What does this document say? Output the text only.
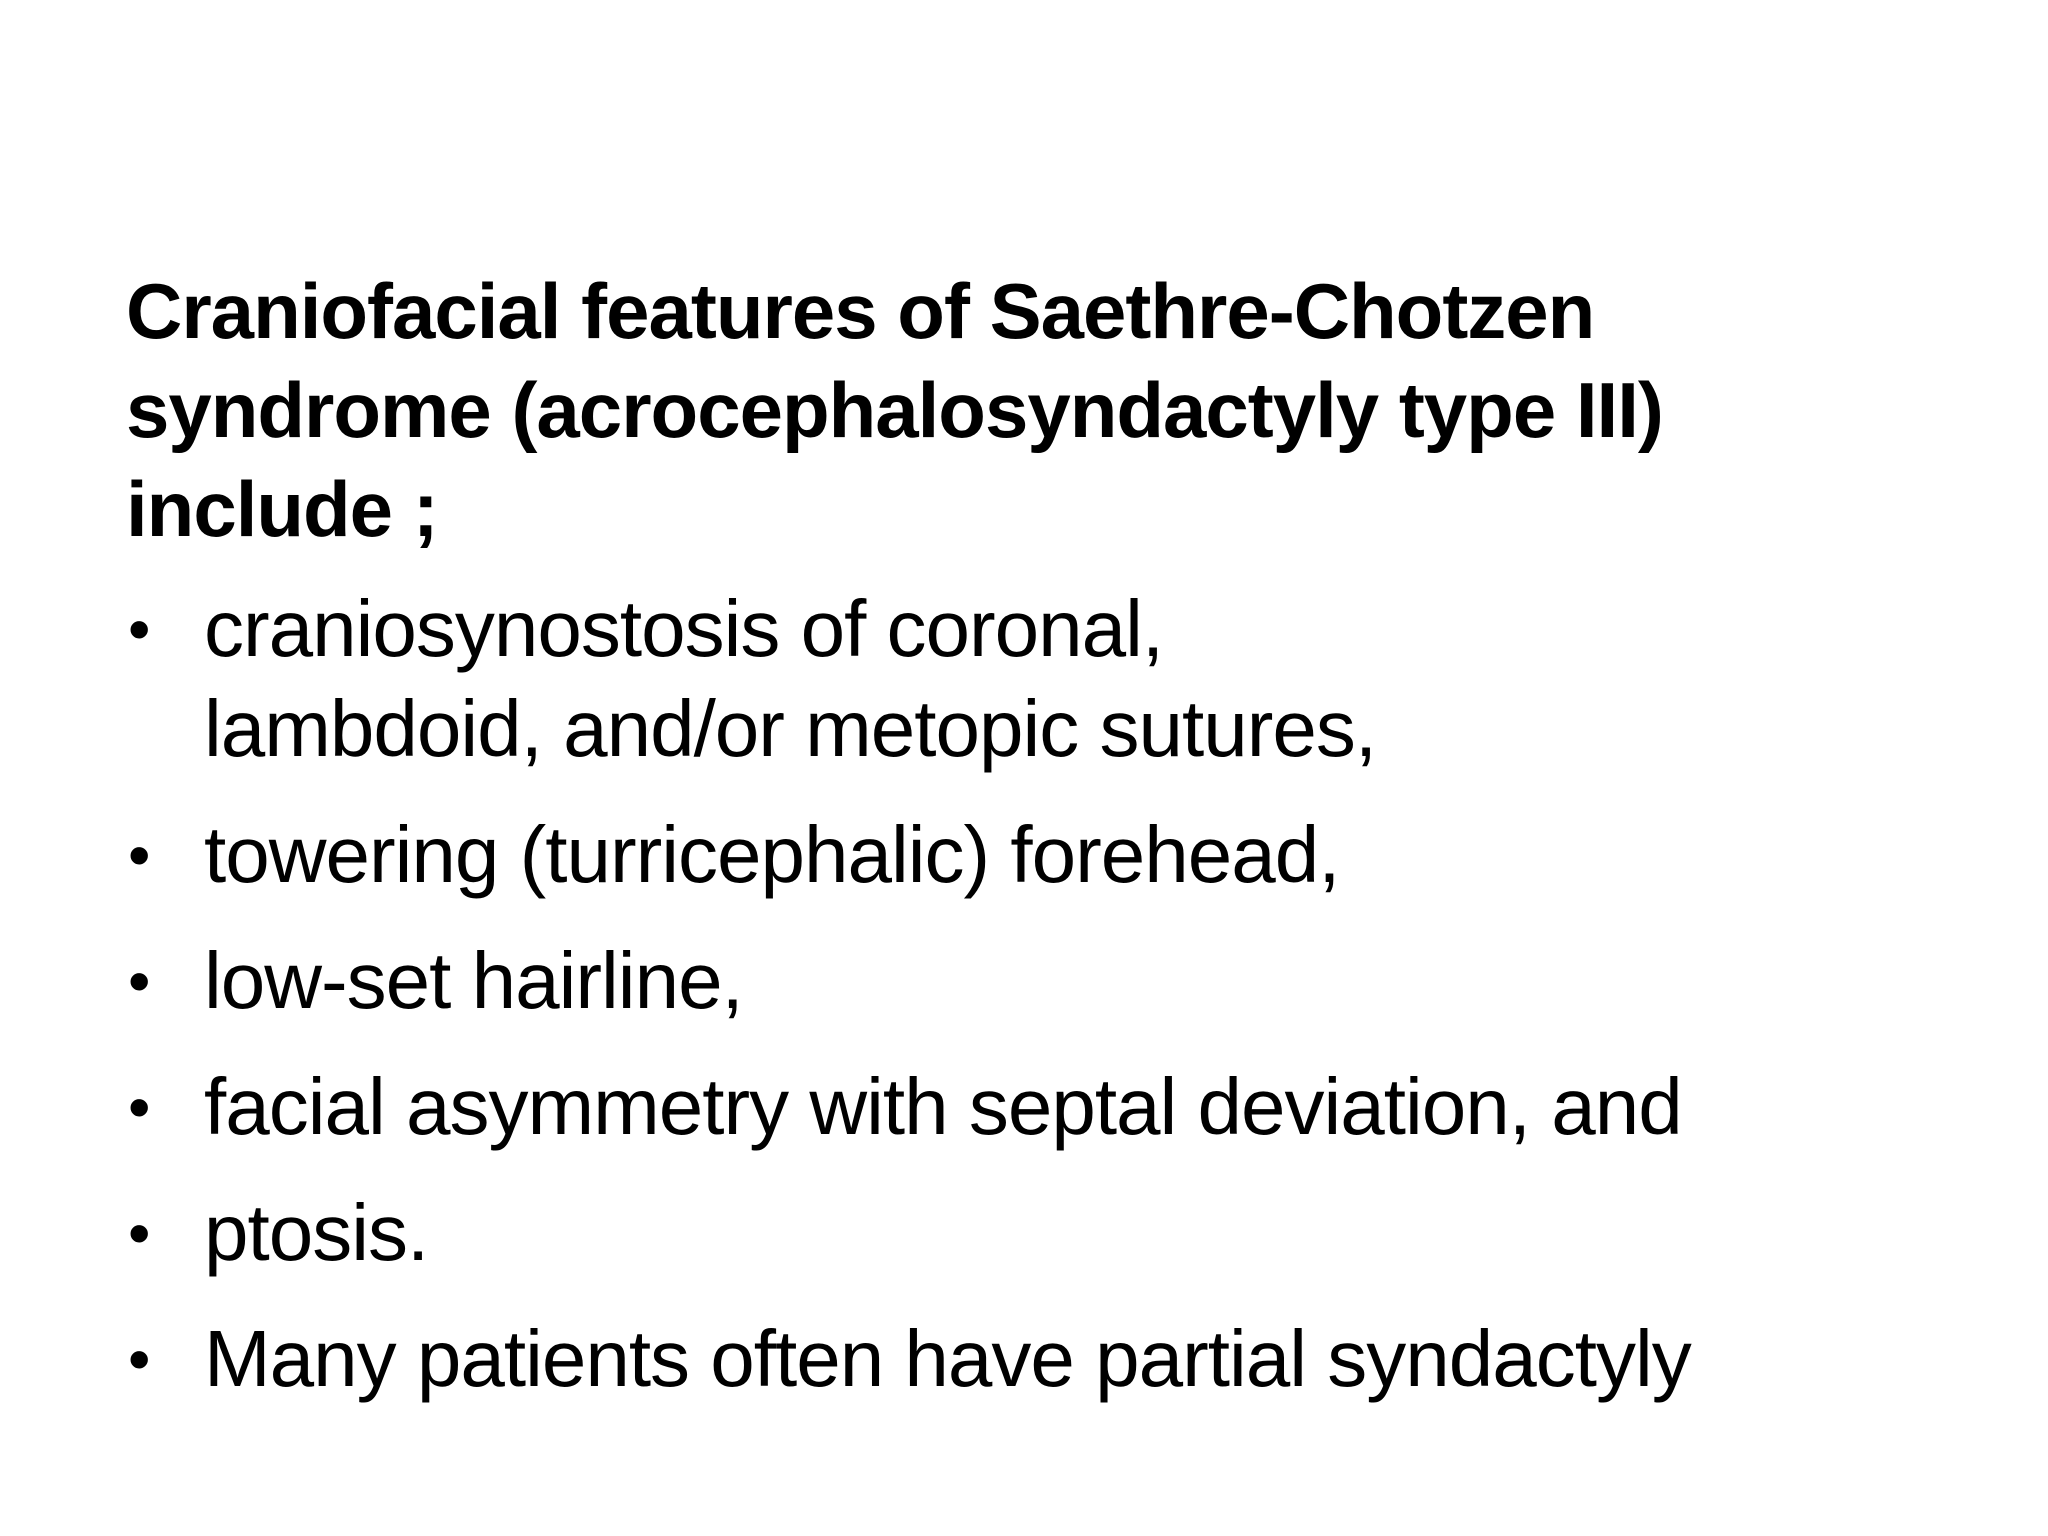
Craniofacial features of Saethre-Chotzen
syndrome (acrocephalosyndactyly type III)
include ;

• craniosynostosis of coronal,
lambdoid, and/or metopic sutures,
• towering (turricephalic) forehead,
• low-set hairline,
• facial asymmetry with septal deviation, and
• ptosis.
• Many patients often have partial syndactyly
